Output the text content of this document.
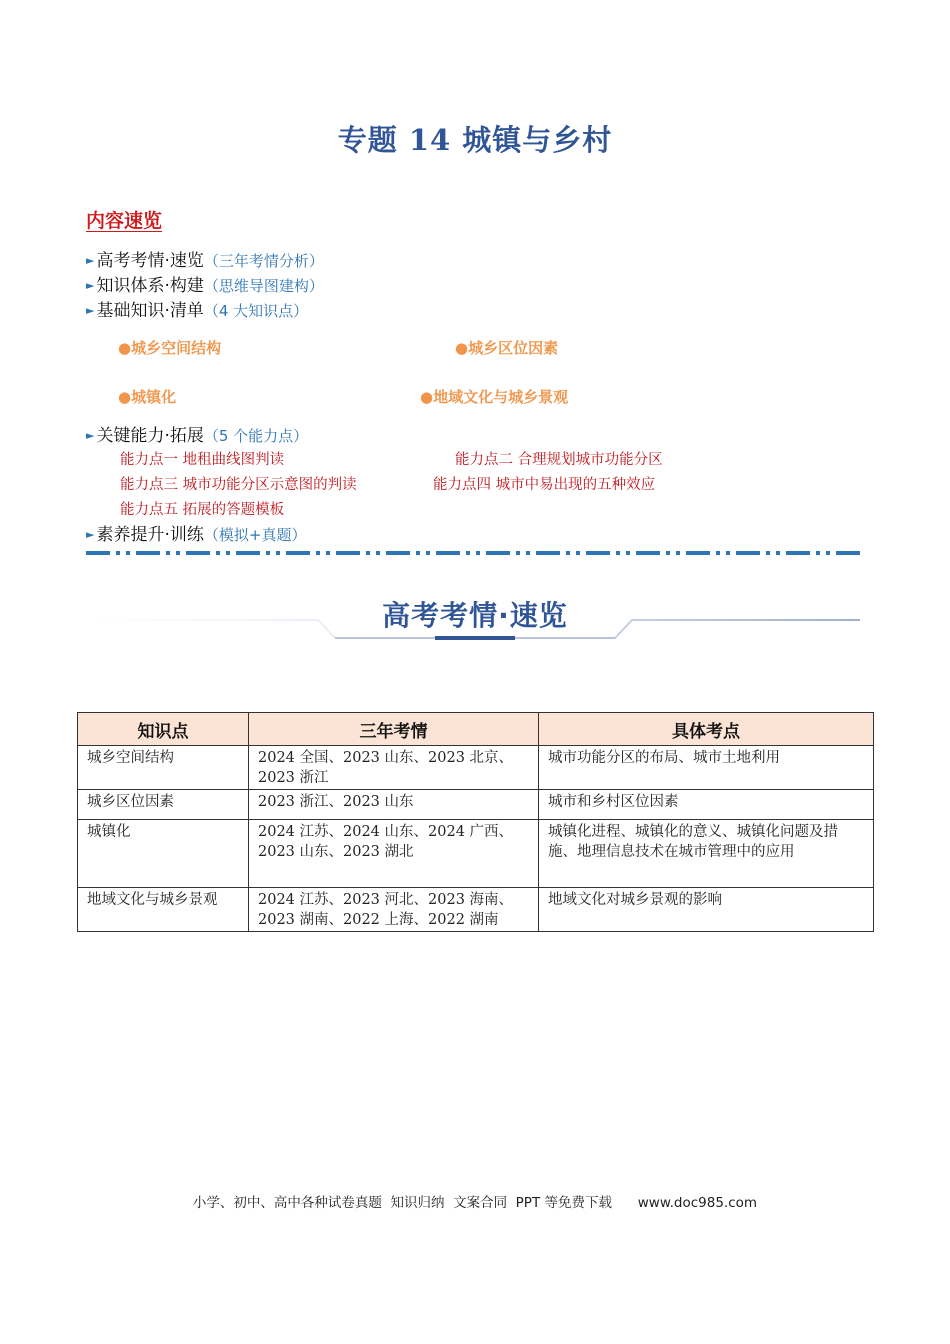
专题 14 城镇与乡村
内容速览
► 高考考情·速览（三年考情分析）
► 知识体系·构建（思维导图建构）
► 基础知识·清单（4 大知识点）
●城乡空间结构	●城乡区位因素
●城镇化	●地域文化与城乡景观
► 关键能力·拓展（5 个能力点）
能力点一 地租曲线图判读	能力点二 合理规划城市功能分区
能力点三 城市功能分区示意图的判读	能力点四 城市中易出现的五种效应
能力点五 拓展的答题模板
► 素养提升·训练（模拟+真题）
高考考情·速览
知识点	三年考情	具体考点
城乡空间结构	2024 全国、2023 山东、2023 北京、2023 浙江	城市功能分区的布局、城市土地利用
城乡区位因素	2023 浙江、2023 山东	城市和乡村区位因素
城镇化	2024 江苏、2024 山东、2024 广西、2023 山东、2023 湖北	城镇化进程、城镇化的意义、城镇化问题及措施、地理信息技术在城市管理中的应用
地域文化与城乡景观	2024 江苏、2023 河北、2023 海南、2023 湖南、2022 上海、2022 湖南	地域文化对城乡景观的影响
小学、初中、高中各种试卷真题  知识归纳  文案合同  PPT 等免费下载      www.doc985.com
